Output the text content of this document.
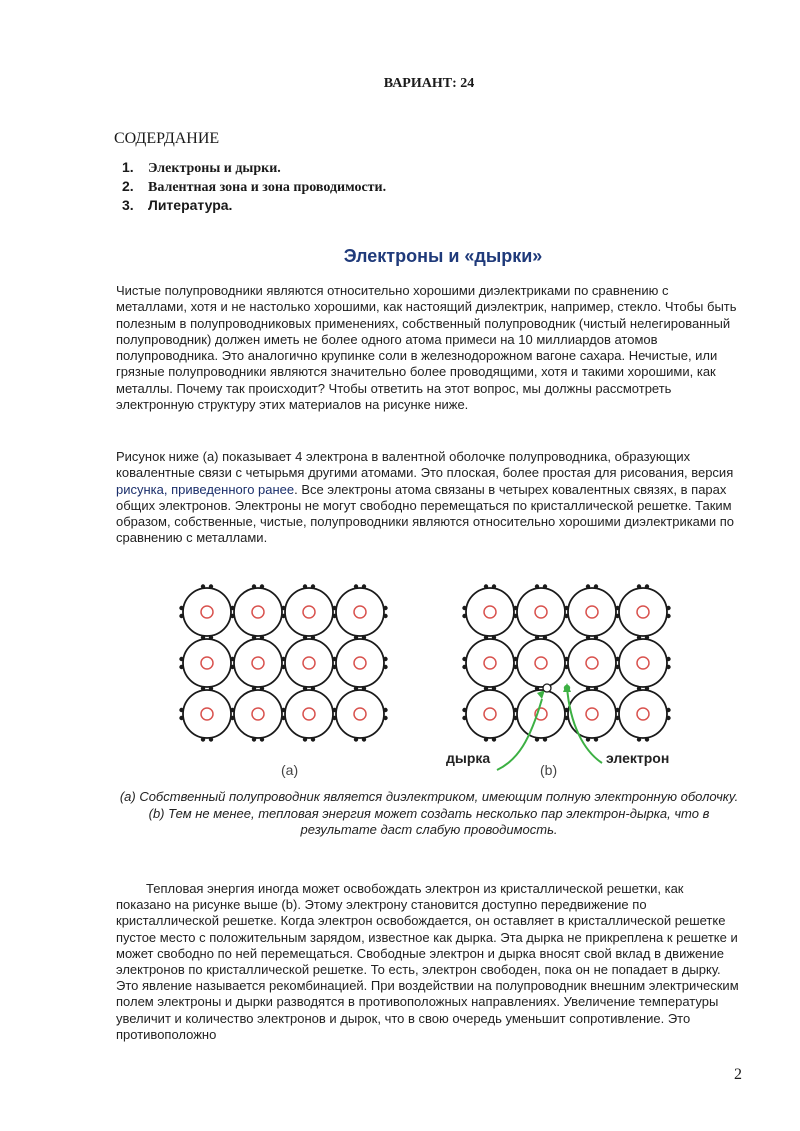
ВАРИАНТ: 24
СОДЕРДАНИЕ
1. Электроны и дырки.
2. Валентная зона и зона проводимости.
3. Литература.
Электроны и «дырки»

Чистые полупроводники являются относительно хорошими диэлектриками по сравнению с металлами, хотя и не настолько хорошими, как настоящий диэлектрик, например, стекло. Чтобы быть полезным в полупроводниковых применениях, собственный полупроводник (чистый нелегированный полупроводник) должен иметь не более одного атома примеси на 10 миллиардов атомов полупроводника. Это аналогично крупинке соли в железнодорожном вагоне сахара. Нечистые, или грязные полупроводники являются значительно более проводящими, хотя и такими хорошими, как металлы. Почему так происходит? Чтобы ответить на этот вопрос, мы должны рассмотреть электронную структуру этих материалов на рисунке ниже.

Рисунок ниже (a) показывает 4 электрона в валентной оболочке полупроводника, образующих ковалентные связи с четырьмя другими атомами. Это плоская, более простая для рисования, версия рисунка, приведенного ранее. Все электроны атома связаны в четырех ковалентных связях, в парах общих электронов. Электроны не могут свободно перемещаться по кристаллической решетке. Таким образом, собственные, чистые, полупроводники являются относительно хорошими диэлектриками по сравнению с металлами.

(a)	(b)
дырка	электрон

(a) Собственный полупроводник является диэлектриком, имеющим полную электронную оболочку.
(b) Тем не менее, тепловая энергия может создать несколько пар электрон-дырка, что в результате даст слабую проводимость.

Тепловая энергия иногда может освобождать электрон из кристаллической решетки, как показано на рисунке выше (b). Этому электрону становится доступно передвижение по кристаллической решетке. Когда электрон освобождается, он оставляет в кристаллической решетке пустое место с положительным зарядом, известное как дырка. Эта дырка не прикреплена к решетке и может свободно по ней перемещаться. Свободные электрон и дырка вносят свой вклад в движение электронов по кристаллической решетке. То есть, электрон свободен, пока он не попадает в дырку. Это явление называется рекомбинацией. При воздействии на полупроводник внешним электрическим полем электроны и дырки разводятся в противоположных направлениях. Увеличение температуры увеличит и количество электронов и дырок, что в свою очередь уменьшит сопротивление. Это противоположно

2
